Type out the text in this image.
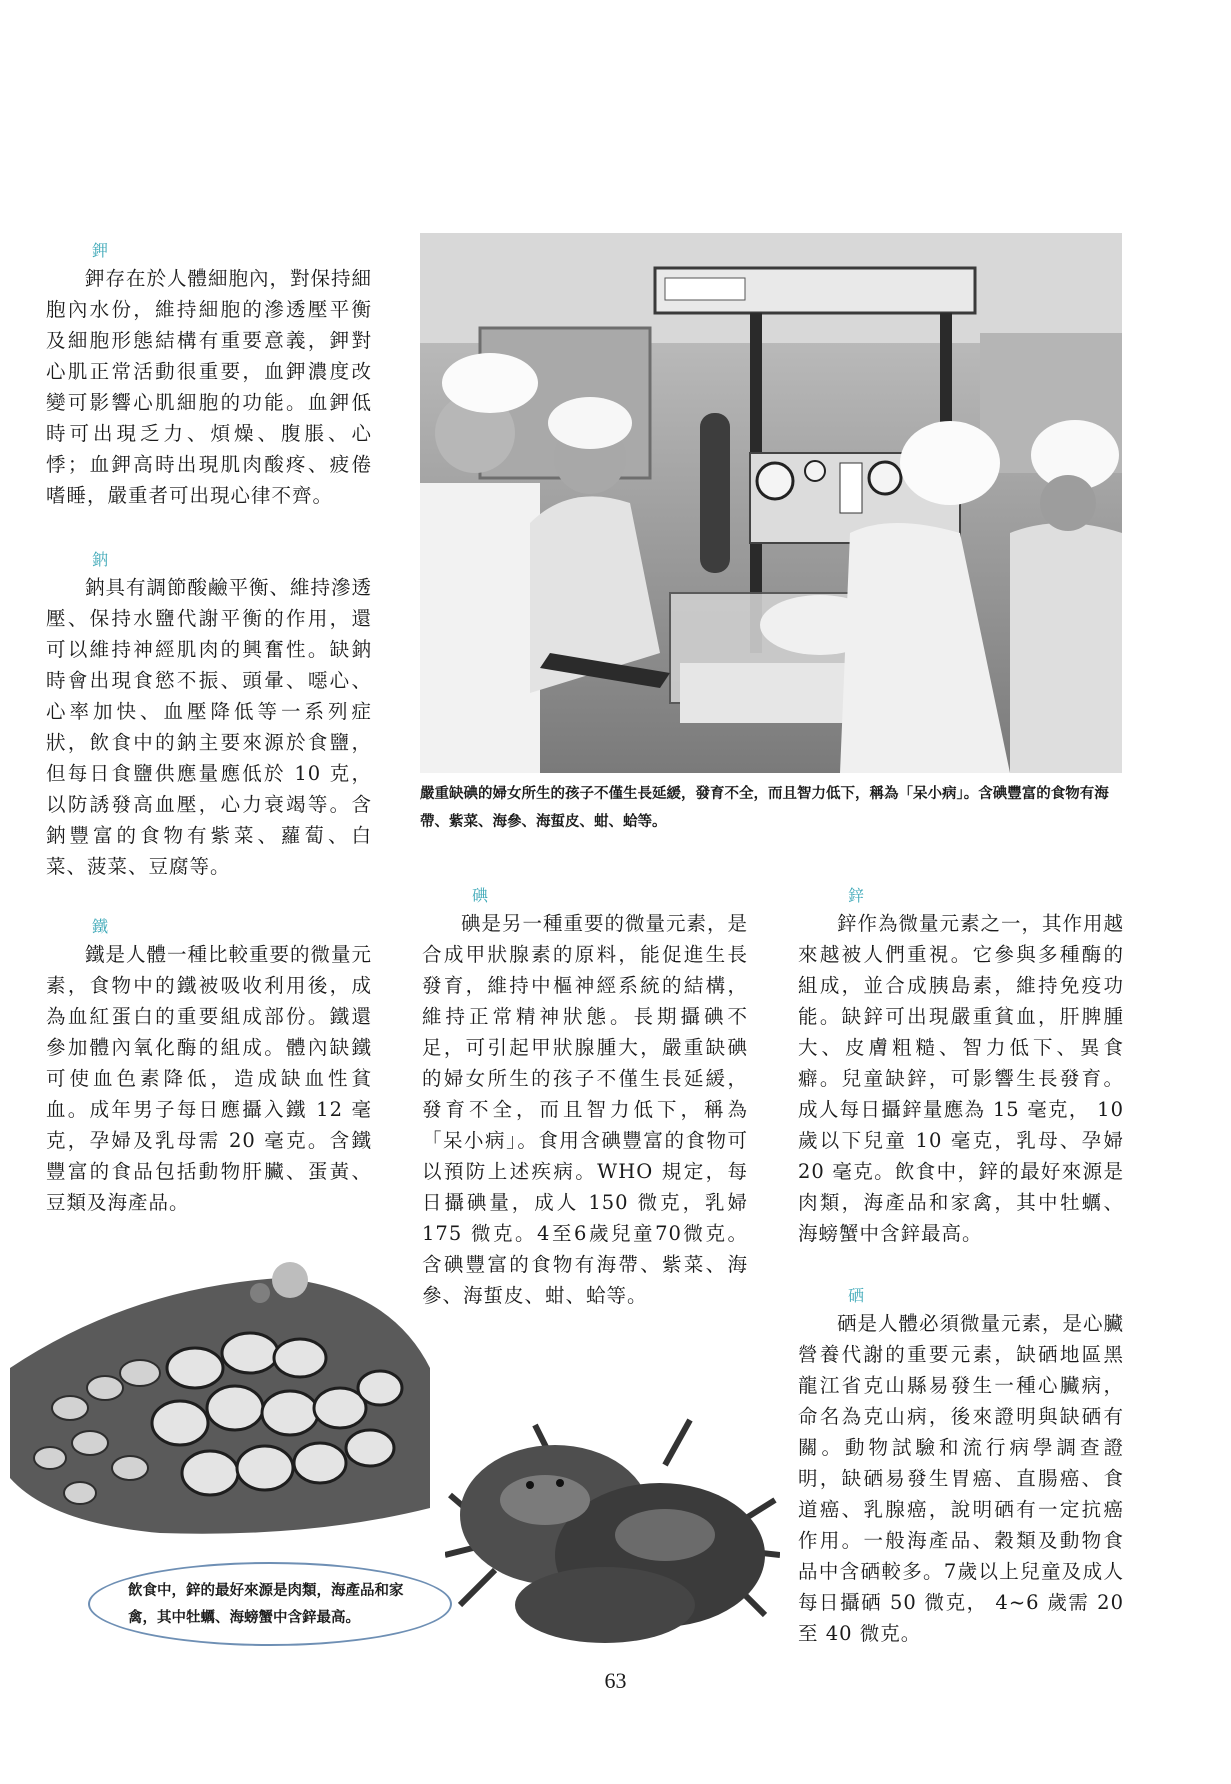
鉀

鉀存在於人體細胞內，對保持細胞內水份，維持細胞的滲透壓平衡及細胞形態結構有重要意義，鉀對心肌正常活動很重要，血鉀濃度改變可影響心肌細胞的功能。血鉀低時可出現乏力、煩燥、腹脹、心悸；血鉀高時出現肌肉酸疼、疲倦嗜睡，嚴重者可出現心律不齊。

鈉

鈉具有調節酸鹼平衡、維持滲透壓、保持水鹽代謝平衡的作用，還可以維持神經肌肉的興奮性。缺鈉時會出現食慾不振、頭暈、噁心、心率加快、血壓降低等一系列症狀，飲食中的鈉主要來源於食鹽，但每日食鹽供應量應低於 10 克，以防誘發高血壓，心力衰竭等。含鈉豐富的食物有紫菜、蘿蔔、白菜、菠菜、豆腐等。

鐵

鐵是人體一種比較重要的微量元素，食物中的鐵被吸收利用後，成為血紅蛋白的重要組成部份。鐵還參加體內氧化酶的組成。體內缺鐵可使血色素降低，造成缺血性貧血。成年男子每日應攝入鐵 12 毫克，孕婦及乳母需 20 毫克。含鐵豐富的食品包括動物肝臟、蛋黃、豆類及海產品。

嚴重缺碘的婦女所生的孩子不僅生長延緩，發育不全，而且智力低下，稱為「呆小病」。含碘豐富的食物有海帶、紫菜、海參、海蜇皮、蚶、蛤等。

碘

碘是另一種重要的微量元素，是合成甲狀腺素的原料，能促進生長發育，維持中樞神經系統的結構，維持正常精神狀態。長期攝碘不足，可引起甲狀腺腫大，嚴重缺碘的婦女所生的孩子不僅生長延緩，發育不全，而且智力低下，稱為「呆小病」。食用含碘豐富的食物可以預防上述疾病。WHO 規定，每日攝碘量，成人 150 微克，乳婦 175 微克。4至6歲兒童70微克。含碘豐富的食物有海帶、紫菜、海參、海蜇皮、蚶、蛤等。

鋅

鋅作為微量元素之一，其作用越來越被人們重視。它參與多種酶的組成，並合成胰島素，維持免疫功能。缺鋅可出現嚴重貧血，肝脾腫大、皮膚粗糙、智力低下、異食癖。兒童缺鋅，可影響生長發育。成人每日攝鋅量應為 15 毫克， 10 歲以下兒童 10 毫克，乳母、孕婦 20 毫克。飲食中，鋅的最好來源是肉類，海產品和家禽，其中牡蠣、海螃蟹中含鋅最高。

硒

硒是人體必須微量元素，是心臟營養代謝的重要元素，缺硒地區黑龍江省克山縣易發生一種心臟病，命名為克山病，後來證明與缺硒有關。動物試驗和流行病學調查證明，缺硒易發生胃癌、直腸癌、食道癌、乳腺癌，說明硒有一定抗癌作用。一般海產品、穀類及動物食品中含硒較多。7歲以上兒童及成人每日攝硒 50 微克， 4~6 歲需 20 至 40 微克。

飲食中，鋅的最好來源是肉類，海產品和家禽，其中牡蠣、海螃蟹中含鋅最高。

63
